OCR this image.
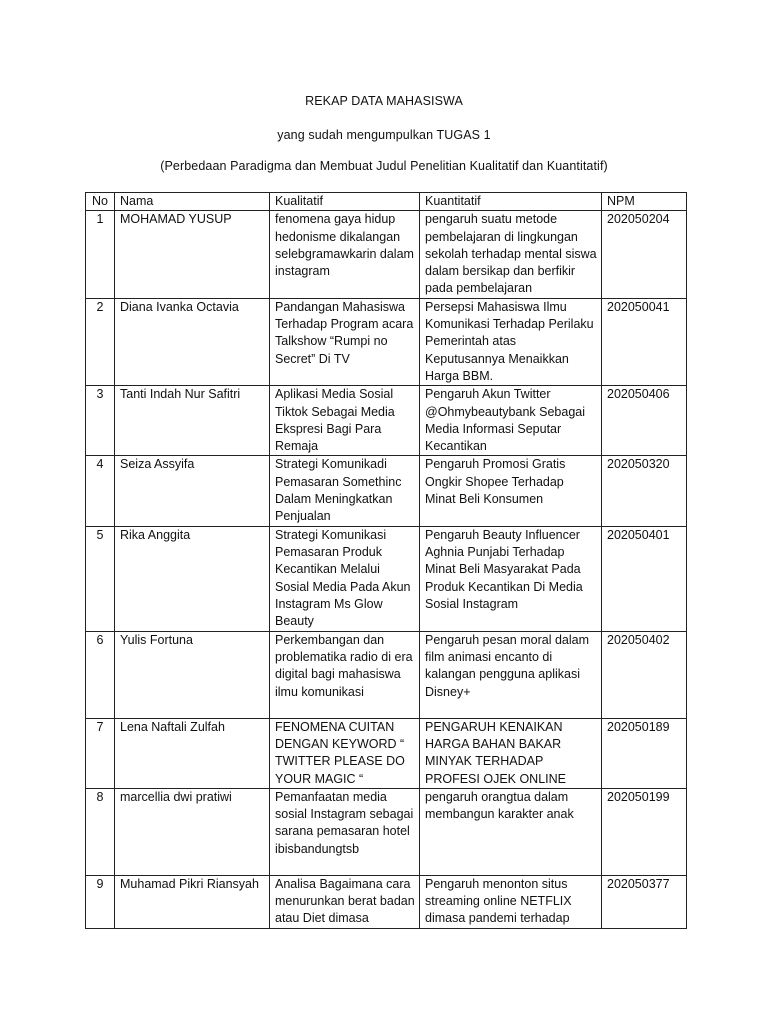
REKAP DATA MAHASISWA
yang sudah mengumpulkan TUGAS 1
(Perbedaan Paradigma dan Membuat Judul Penelitian Kualitatif dan Kuantitatif)
No	Nama	Kualitatif	Kuantitatif	NPM
1	MOHAMAD YUSUP	fenomena gaya hidup hedonisme dikalangan selebgramawkarin dalam instagram	pengaruh suatu metode pembelajaran di lingkungan sekolah terhadap mental siswa dalam bersikap dan berfikir pada pembelajaran	202050204
2	Diana Ivanka Octavia	Pandangan Mahasiswa Terhadap Program acara Talkshow “Rumpi no Secret” Di TV	Persepsi Mahasiswa Ilmu Komunikasi Terhadap Perilaku Pemerintah atas Keputusannya Menaikkan Harga BBM.	202050041
3	Tanti Indah Nur Safitri	Aplikasi Media Sosial Tiktok Sebagai Media Ekspresi Bagi Para Remaja	Pengaruh Akun Twitter @Ohmybeautybank Sebagai Media Informasi Seputar Kecantikan	202050406
4	Seiza Assyifa	Strategi Komunikadi Pemasaran Somethinc Dalam Meningkatkan Penjualan	Pengaruh Promosi Gratis Ongkir Shopee Terhadap Minat Beli Konsumen	202050320
5	Rika Anggita	Strategi Komunikasi Pemasaran Produk Kecantikan Melalui Sosial Media Pada Akun Instagram Ms Glow Beauty	Pengaruh Beauty Influencer Aghnia Punjabi Terhadap Minat Beli Masyarakat Pada Produk Kecantikan Di Media Sosial Instagram	202050401
6	Yulis Fortuna	Perkembangan dan problematika radio di era digital bagi mahasiswa ilmu komunikasi	Pengaruh pesan moral dalam film animasi encanto di kalangan pengguna aplikasi Disney+	202050402
7	Lena Naftali Zulfah	FENOMENA CUITAN DENGAN KEYWORD “ TWITTER PLEASE DO YOUR MAGIC “	PENGARUH KENAIKAN HARGA BAHAN BAKAR MINYAK TERHADAP PROFESI OJEK ONLINE	202050189
8	marcellia dwi pratiwi	Pemanfaatan media sosial Instagram sebagai sarana pemasaran hotel ibisbandungtsb	pengaruh orangtua dalam membangun karakter anak	202050199
9	Muhamad Pikri Riansyah	Analisa Bagaimana cara menurunkan berat badan atau Diet dimasa	Pengaruh menonton situs streaming online NETFLIX dimasa pandemi terhadap	202050377
